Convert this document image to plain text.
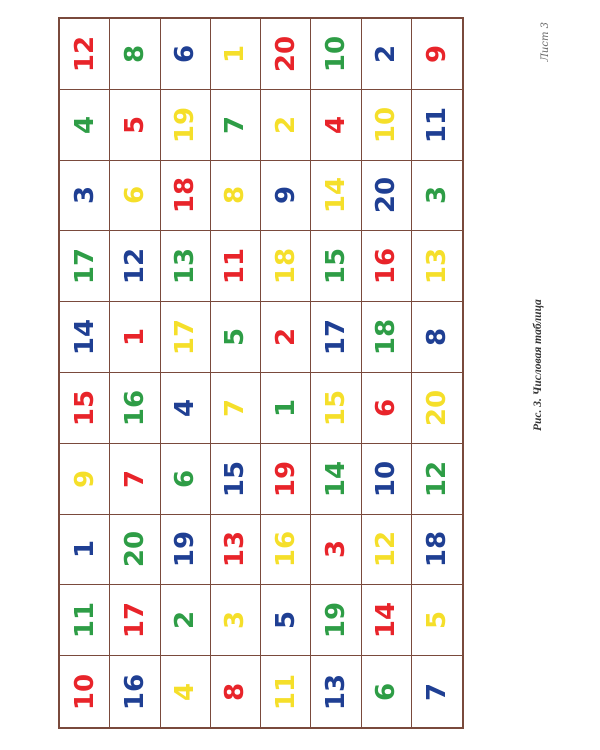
12 8 6 1 20 10 2 9
4 5 19 7 2 4 10 11
3 6 18 8 9 14 20 3
17 12 13 11 18 15 16 13
14 1 17 5 2 17 18 8
15 16 4 7 1 15 6 20
9 7 6 15 19 14 10 12
1 20 19 13 16 3 12 18
11 17 2 3 5 19 14 5
10 16 4 8 11 13 6 7
Лист 3
Рис. 3. Числовая таблица
